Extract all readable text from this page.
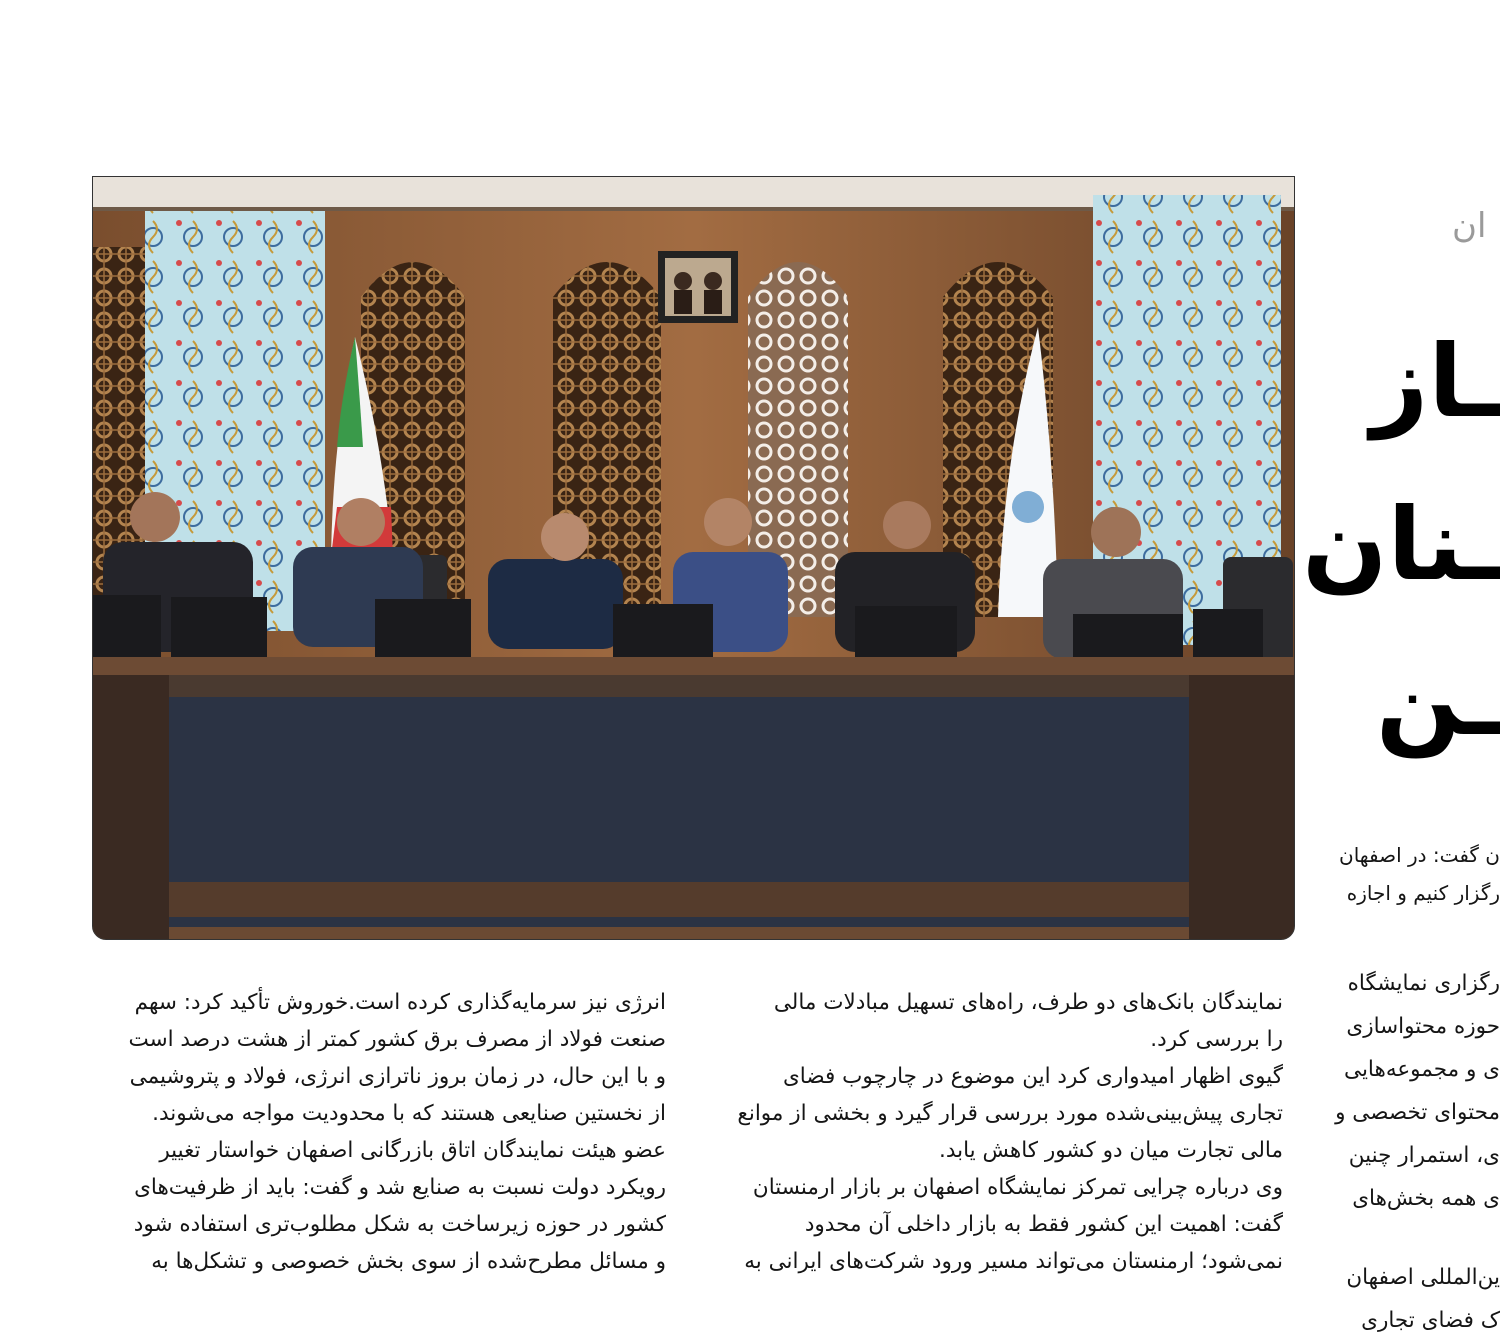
ان
ـاز
ـنان
ـن
ن گفت: در اصفهان
رگزار کنیم و اجازه

نمایندگان بانک‌های دو طرف، راه‌های تسهیل مبادلات مالی

را بررسی کرد.

گیوی اظهار امیدواری کرد این موضوع در چارچوب فضای

تجاری پیش‌بینی‌شده مورد بررسی قرار گیرد و بخشی از موانع

مالی تجارت میان دو کشور کاهش یابد.

وی درباره چرایی تمرکز نمایشگاه اصفهان بر بازار ارمنستان

گفت: اهمیت این کشور فقط به بازار داخلی آن محدود

نمی‌شود؛ ارمنستان می‌تواند مسیر ورود شرکت‌های ایرانی به

انرژی نیز سرمایه‌گذاری کرده است.خوروش تأکید کرد: سهم

صنعت فولاد از مصرف برق کشور کمتر از هشت درصد است

و با این حال، در زمان بروز ناترازی انرژی، فولاد و پتروشیمی

از نخستین صنایعی هستند که با محدودیت مواجه می‌شوند.

عضو هیئت نمایندگان اتاق بازرگانی اصفهان خواستار تغییر

رویکرد دولت نسبت به صنایع شد و گفت: باید از ظرفیت‌های

کشور در حوزه زیرساخت به شکل مطلوب‌تری استفاده شود

و مسائل مطرح‌شده از سوی بخش خصوصی و تشکل‌ها به

رگزاری نمایشگاه

حوزه محتواسازی

ی و مجموعه‌هایی

محتوای تخصصی و

ی، استمرار چنین

ی همه بخش‌های

ین‌المللی اصفهان

ک فضای تجاری
